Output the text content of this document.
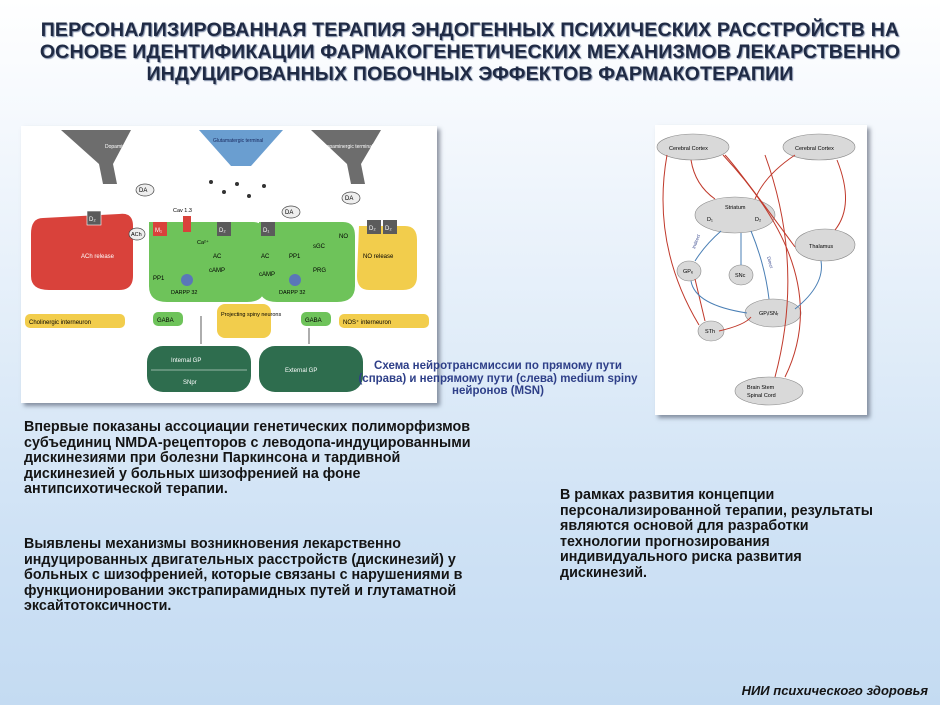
ПЕРСОНАЛИЗИРОВАННАЯ ТЕРАПИЯ ЭНДОГЕННЫХ ПСИХИЧЕСКИХ РАССТРОЙСТВ НА ОСНОВЕ ИДЕНТИФИКАЦИИ ФАРМАКОГЕНЕТИЧЕСКИХ МЕХАНИЗМОВ ЛЕКАРСТВЕННО ИНДУЦИРОВАННЫХ ПОБОЧНЫХ ЭФФЕКТОВ ФАРМАКОТЕРАПИИ
Dopaminergic terminal
Glutamatergic terminal
Dopaminergic terminal
DA
DA
DA
D₂
ACh release
ACh
M₁
Cav 1.3
Ca²⁺
D₂
AC
cAMP
PP1
DARPP 32
D₁
AC
cAMP
PP1
sGC
PRG
DARPP 32
NO
D₂ D₂
NO release
Cholinergic interneuron	GABA
Projecting spiny neurons
GABA	NOS⁺ interneuron
Internal GP
SNpr
External GP
Cerebral Cortex	Cerebral Cortex
Striatum
D₁	D₂
Thalamus
GPₑ
SNc
GPᵢ/SNᵣ
STh
Brain Stem
Spinal Cord
Indirect
Direct
Схема нейротрансмиссии по прямому пути (справа) и непрямому пути (слева) medium spiny нейронов (MSN)
Впервые показаны ассоциации генетических полиморфизмов субъединиц NMDA-рецепторов с леводопа-индуцированными дискинезиями при болезни Паркинсона и тардивной дискинезией у больных шизофренией на фоне антипсихотической терапии.
Выявлены механизмы возникновения лекарственно индуцированных двигательных расстройств (дискинезий) у больных с шизофренией, которые связаны с нарушениями в функционировании экстрапирамидных путей и глутаматной эксайтотоксичности.
В рамках развития концепции персонализированной терапии, результаты являются основой для разработки технологии прогнозирования индивидуального риска развития дискинезий.
НИИ психического здоровья
